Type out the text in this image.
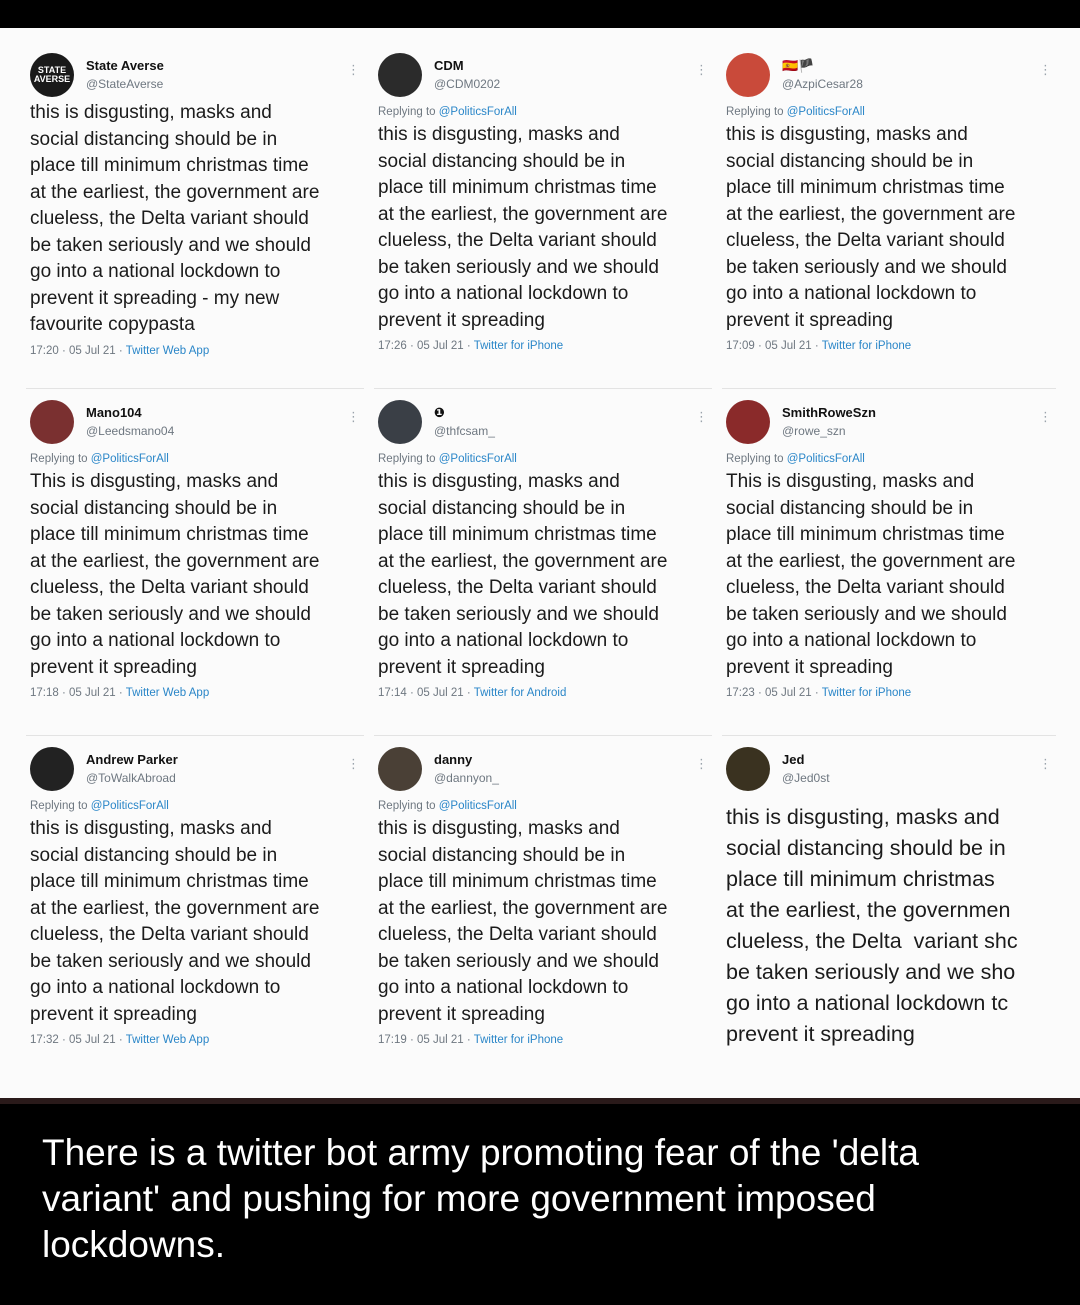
STATE AVERSE
State Averse
@StateAverse
⋮
this is disgusting, masks and
social distancing should be in
place till minimum christmas time
at the earliest, the government are
clueless, the Delta variant should
be taken seriously and we should
go into a national lockdown to
prevent it spreading - my new
favourite copypasta
17:20 · 05 Jul 21 · Twitter Web App
CDM
@CDM0202
⋮
Replying to @PoliticsForAll
this is disgusting, masks and
social distancing should be in
place till minimum christmas time
at the earliest, the government are
clueless, the Delta variant should
be taken seriously and we should
go into a national lockdown to
prevent it spreading
17:26 · 05 Jul 21 · Twitter for iPhone
🇪🇸🏴
@AzpiCesar28
⋮
Replying to @PoliticsForAll
this is disgusting, masks and
social distancing should be in
place till minimum christmas time
at the earliest, the government are
clueless, the Delta variant should
be taken seriously and we should
go into a national lockdown to
prevent it spreading
17:09 · 05 Jul 21 · Twitter for iPhone
Mano104
@Leedsmano04
⋮
Replying to @PoliticsForAll
This is disgusting, masks and
social distancing should be in
place till minimum christmas time
at the earliest, the government are
clueless, the Delta variant should
be taken seriously and we should
go into a national lockdown to
prevent it spreading
17:18 · 05 Jul 21 · Twitter Web App
❶
@thfcsam_
⋮
Replying to @PoliticsForAll
this is disgusting, masks and
social distancing should be in
place till minimum christmas time
at the earliest, the government are
clueless, the Delta variant should
be taken seriously and we should
go into a national lockdown to
prevent it spreading
17:14 · 05 Jul 21 · Twitter for Android
SmithRoweSzn
@rowe_szn
⋮
Replying to @PoliticsForAll
This is disgusting, masks and
social distancing should be in
place till minimum christmas time
at the earliest, the government are
clueless, the Delta variant should
be taken seriously and we should
go into a national lockdown to
prevent it spreading
17:23 · 05 Jul 21 · Twitter for iPhone
Andrew Parker
@ToWalkAbroad
⋮
Replying to @PoliticsForAll
this is disgusting, masks and
social distancing should be in
place till minimum christmas time
at the earliest, the government are
clueless, the Delta variant should
be taken seriously and we should
go into a national lockdown to
prevent it spreading
17:32 · 05 Jul 21 · Twitter Web App
danny
@dannyon_
⋮
Replying to @PoliticsForAll
this is disgusting, masks and
social distancing should be in
place till minimum christmas time
at the earliest, the government are
clueless, the Delta variant should
be taken seriously and we should
go into a national lockdown to
prevent it spreading
17:19 · 05 Jul 21 · Twitter for iPhone
Jed
@Jed0st
⋮
this is disgusting, masks and
social distancing should be in
place till minimum christmas
at the earliest, the governmen
clueless, the Delta  variant shc
be taken seriously and we sho
go into a national lockdown tc
prevent it spreading
There is a twitter bot army promoting fear of the 'delta variant' and pushing for more government imposed lockdowns.
